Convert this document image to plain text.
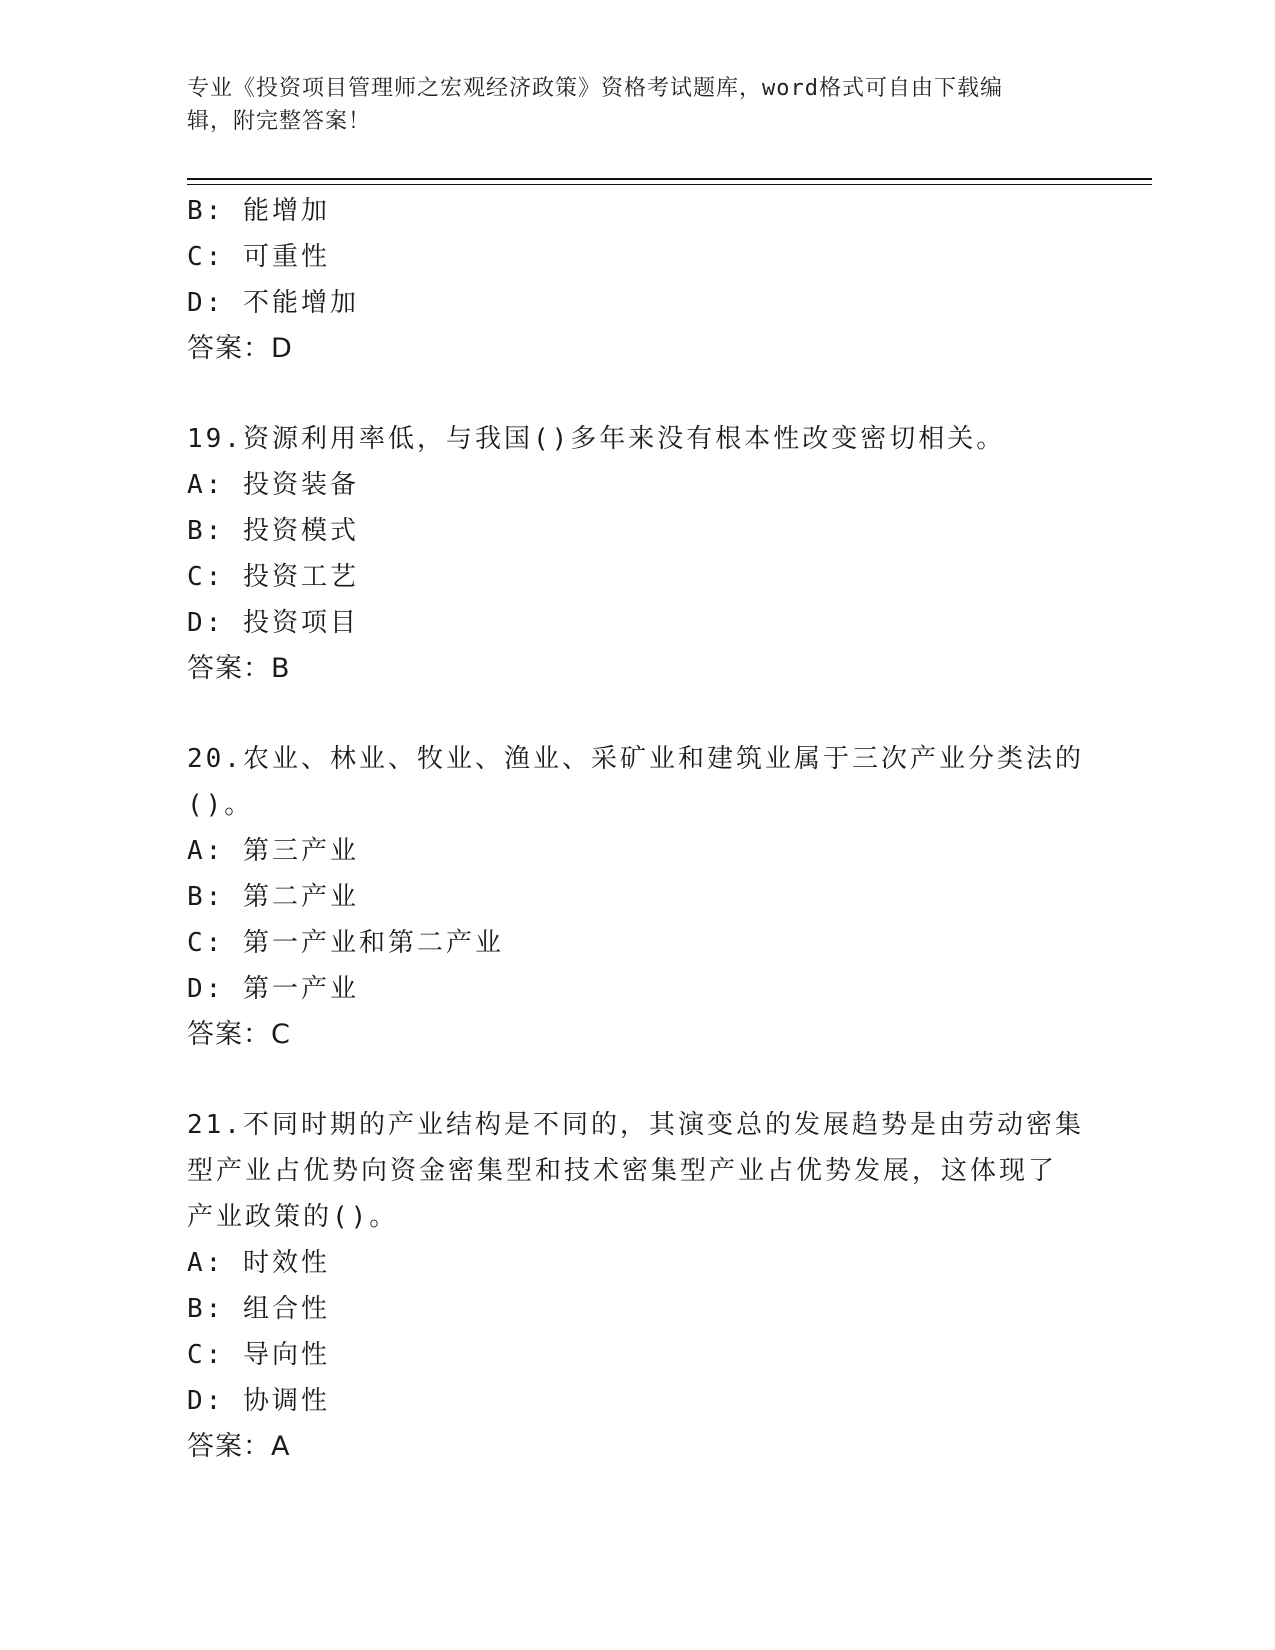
专业《投资项目管理师之宏观经济政策》资格考试题库，word格式可自由下载编
辑，附完整答案！
B: 能增加
C: 可重性
D: 不能增加
答案：D
19.资源利用率低，与我国()多年来没有根本性改变密切相关。
A: 投资装备
B: 投资模式
C: 投资工艺
D: 投资项目
答案：B
20.农业、林业、牧业、渔业、采矿业和建筑业属于三次产业分类法的
()。
A: 第三产业
B: 第二产业
C: 第一产业和第二产业
D: 第一产业
答案：C
21.不同时期的产业结构是不同的，其演变总的发展趋势是由劳动密集
型产业占优势向资金密集型和技术密集型产业占优势发展，这体现了
产业政策的()。
A: 时效性
B: 组合性
C: 导向性
D: 协调性
答案：A
